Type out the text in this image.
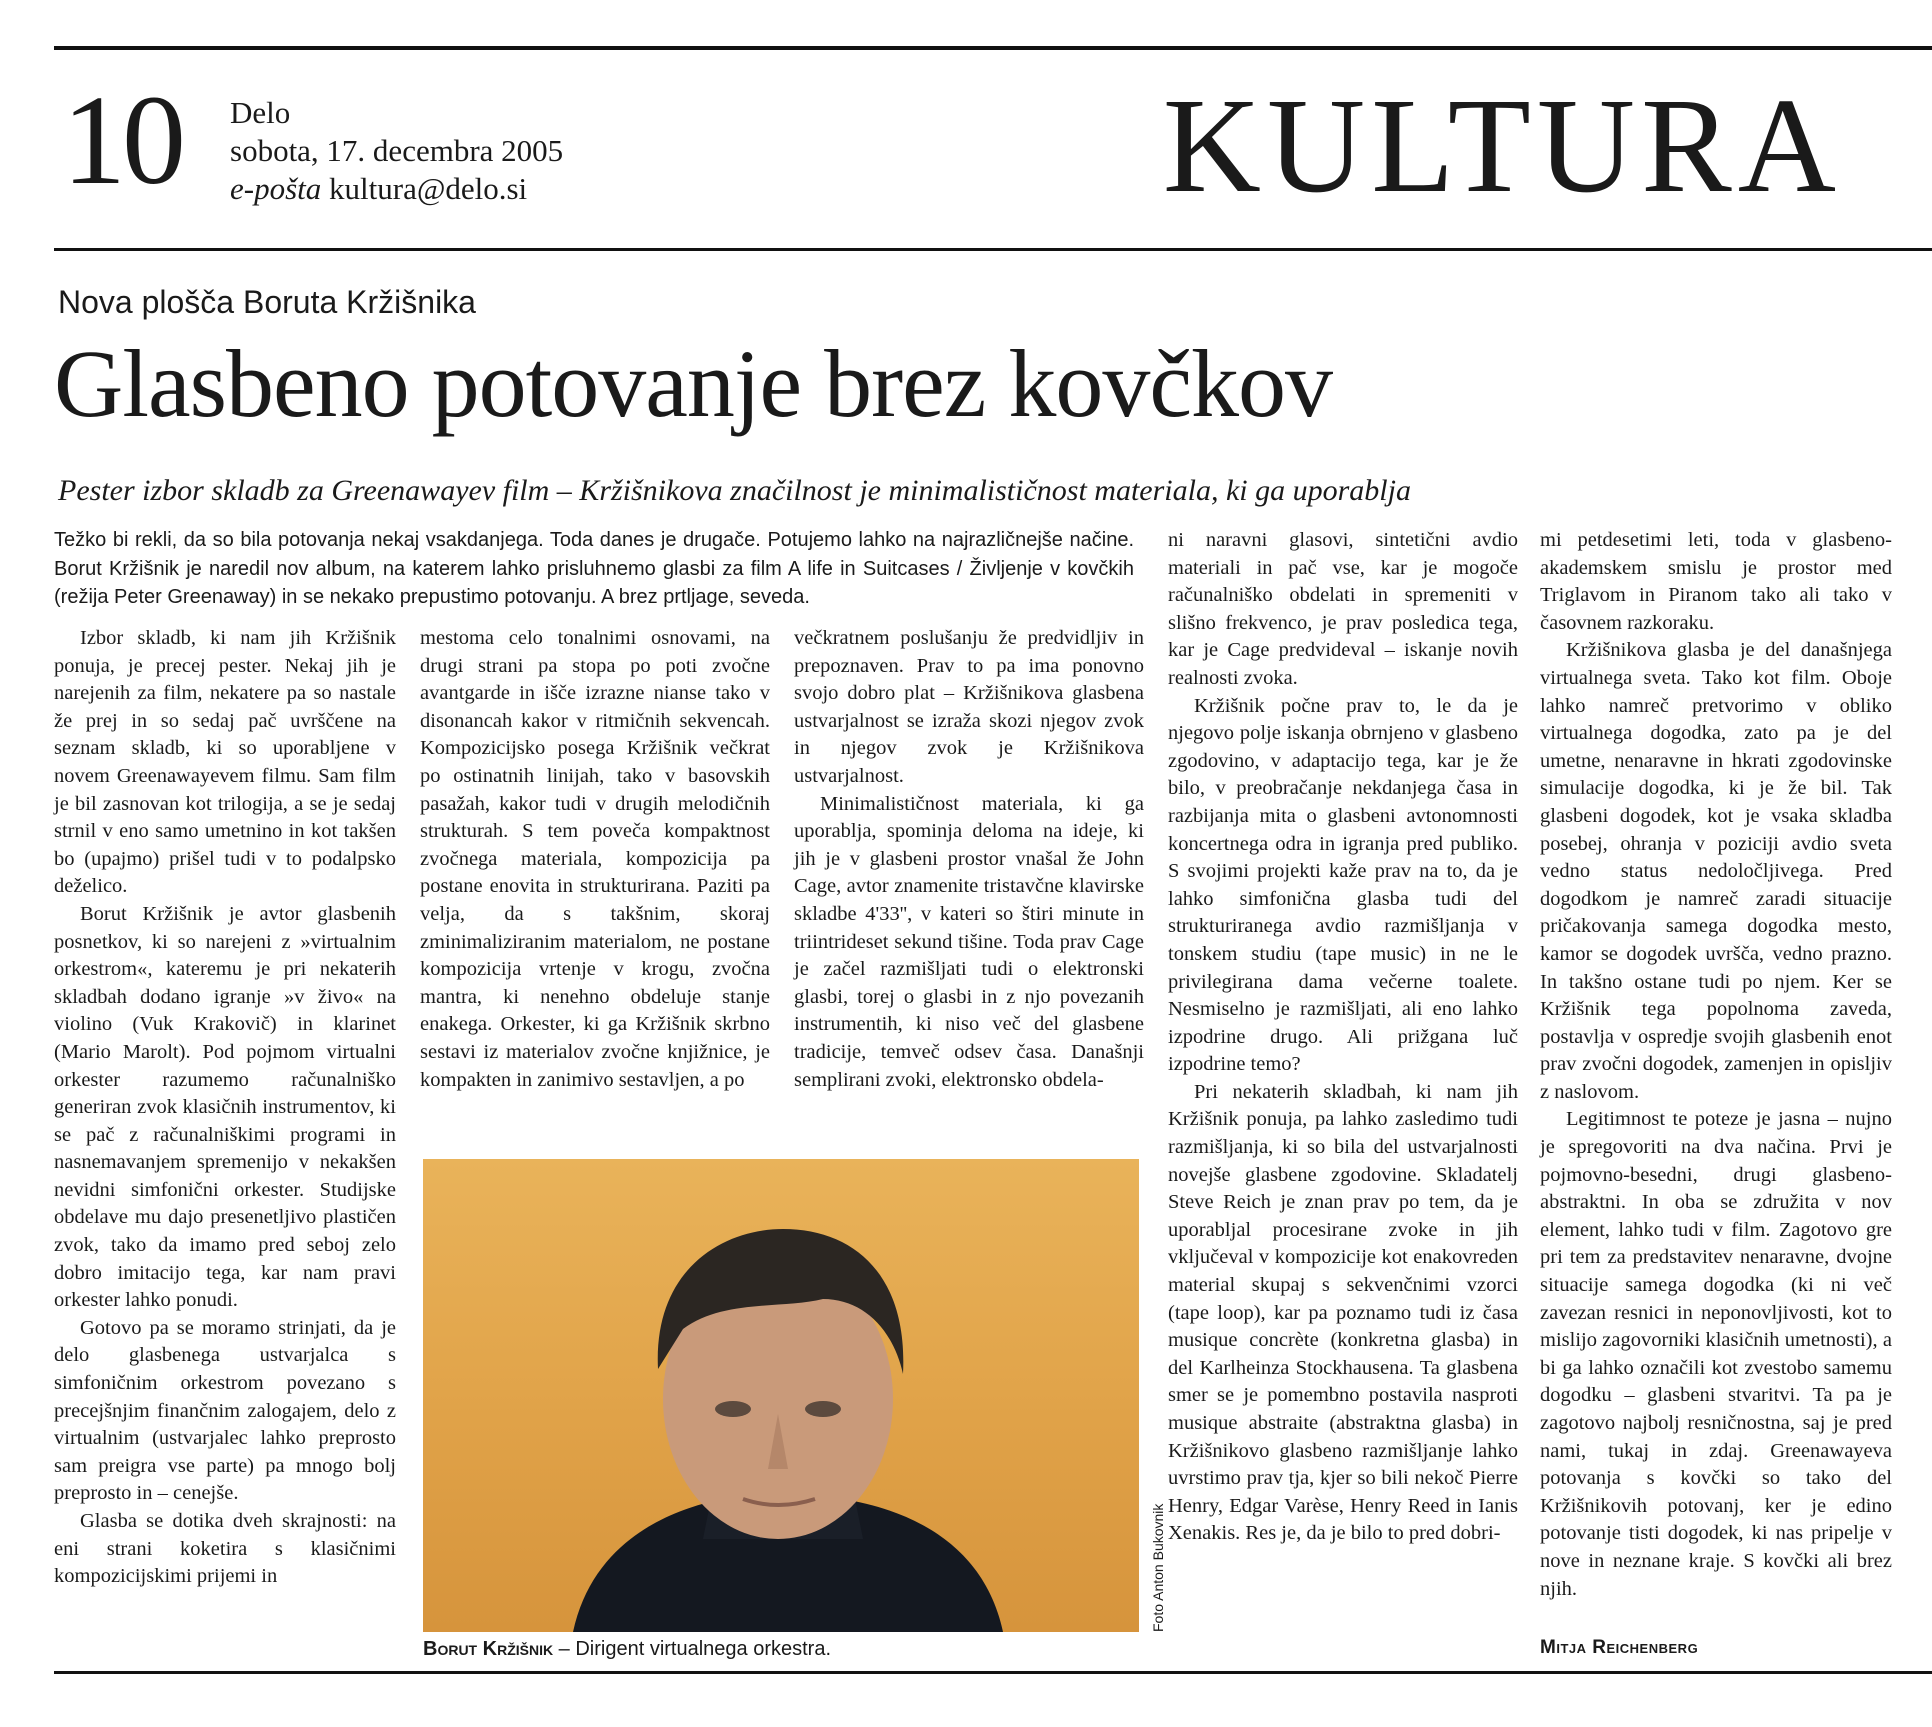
10 Delo
sobota, 17. decembra 2005
e-pošta kultura@delo.si	KULTURA
Nova plošča Boruta Kržišnika
Glasbeno potovanje brez kovčkov
Pester izbor skladb za Greenawayev film – Kržišnikova značilnost je minimalističnost materiala, ki ga uporablja
Težko bi rekli, da so bila potovanja nekaj vsakdanjega. Toda danes je drugače. Potujemo lahko na najrazličnejše načine. Borut Kržišnik je naredil nov album, na katerem lahko prisluhnemo glasbi za film A life in Suitcases / Življenje v kovčkih (režija Peter Greenaway) in se nekako prepustimo potovanju. A brez prtljage, seveda.

Izbor skladb, ki nam jih Kržišnik ponuja, je precej pester. Nekaj jih je narejenih za film, nekatere pa so nastale že prej in so sedaj pač uvrščene na seznam skladb, ki so uporabljene v novem Greenawayevem filmu. Sam film je bil zasnovan kot trilogija, a se je sedaj strnil v eno samo umetnino in kot takšen bo (upajmo) prišel tudi v to podalpsko deželico.

Borut Kržišnik je avtor glasbenih posnetkov, ki so narejeni z »virtualnim orkestrom«, kateremu je pri nekaterih skladbah dodano igranje »v živo« na violino (Vuk Krakovič) in klarinet (Mario Marolt). Pod pojmom virtualni orkester razumemo računalniško generiran zvok klasičnih instrumentov, ki se pač z računalniškimi programi in nasnemavanjem spremenijo v nekakšen nevidni simfonični orkester. Studijske obdelave mu dajo presenetljivo plastičen zvok, tako da imamo pred seboj zelo dobro imitacijo tega, kar nam pravi orkester lahko ponudi.

Gotovo pa se moramo strinjati, da je delo glasbenega ustvarjalca s simfoničnim orkestrom povezano s precejšnjim finančnim zalogajem, delo z virtualnim (ustvarjalec lahko preprosto sam preigra vse parte) pa mnogo bolj preprosto in – cenejše.

Glasba se dotika dveh skrajnosti: na eni strani koketira s klasičnimi kompozicijskimi prijemi in

mestoma celo tonalnimi osnovami, na drugi strani pa stopa po poti zvočne avantgarde in išče izrazne nianse tako v disonancah kakor v ritmičnih sekvencah. Kompozicijsko posega Kržišnik večkrat po ostinatnih linijah, tako v basovskih pasažah, kakor tudi v drugih melodičnih strukturah. S tem poveča kompaktnost zvočnega materiala, kompozicija pa postane enovita in strukturirana. Paziti pa velja, da s takšnim, skoraj zminimaliziranim materialom, ne postane kompozicija vrtenje v krogu, zvočna mantra, ki nenehno obdeluje stanje enakega. Orkester, ki ga Kržišnik skrbno sestavi iz materialov zvočne knjižnice, je kompakten in zanimivo sestavljen, a po

večkratnem poslušanju že predvidljiv in prepoznaven. Prav to pa ima ponovno svojo dobro plat – Kržišnikova glasbena ustvarjalnost se izraža skozi njegov zvok in njegov zvok je Kržišnikova ustvarjalnost.

Minimalističnost materiala, ki ga uporablja, spominja deloma na ideje, ki jih je v glasbeni prostor vnašal že John Cage, avtor znamenite tristavčne klavirske skladbe 4'33'', v kateri so štiri minute in triintrideset sekund tišine. Toda prav Cage je začel razmišljati tudi o elektronski glasbi, torej o glasbi in z njo povezanih instrumentih, ki niso več del glasbene tradicije, temveč odsev časa. Današnji semplirani zvoki, elektronsko obdela-

ni naravni glasovi, sintetični avdio materiali in pač vse, kar je mogoče računalniško obdelati in spremeniti v slišno frekvenco, je prav posledica tega, kar je Cage predvideval – iskanje novih realnosti zvoka.

Kržišnik počne prav to, le da je njegovo polje iskanja obrnjeno v glasbeno zgodovino, v adaptacijo tega, kar je že bilo, v preobračanje nekdanjega časa in razbijanja mita o glasbeni avtonomnosti koncertnega odra in igranja pred publiko. S svojimi projekti kaže prav na to, da je lahko simfonična glasba tudi del strukturiranega avdio razmišljanja v tonskem studiu (tape music) in ne le privilegirana dama večerne toalete. Nesmiselno je razmišljati, ali eno lahko izpodrine drugo. Ali prižgana luč izpodrine temo?

Pri nekaterih skladbah, ki nam jih Kržišnik ponuja, pa lahko zasledimo tudi razmišljanja, ki so bila del ustvarjalnosti novejše glasbene zgodovine. Skladatelj Steve Reich je znan prav po tem, da je uporabljal procesirane zvoke in jih vključeval v kompozicije kot enakovreden material skupaj s sekvenčnimi vzorci (tape loop), kar pa poznamo tudi iz časa musique concrète (konkretna glasba) in del Karlheinza Stockhausena. Ta glasbena smer se je pomembno postavila nasproti musique abstraite (abstraktna glasba) in Kržišnikovo glasbeno razmišljanje lahko uvrstimo prav tja, kjer so bili nekoč Pierre Henry, Edgar Varèse, Henry Reed in Ianis Xenakis. Res je, da je bilo to pred dobri-

mi petdesetimi leti, toda v glasbeno-akademskem smislu je prostor med Triglavom in Piranom tako ali tako v časovnem razkoraku.

Kržišnikova glasba je del današnjega virtualnega sveta. Tako kot film. Oboje lahko namreč pretvorimo v obliko virtualnega dogodka, zato pa je del umetne, nenaravne in hkrati zgodovinske simulacije dogodka, ki je že bil. Tak glasbeni dogodek, kot je vsaka skladba posebej, ohranja v poziciji avdio sveta vedno status nedoločljivega. Pred dogodkom je namreč zaradi situacije pričakovanja samega dogodka mesto, kamor se dogodek uvršča, vedno prazno. In takšno ostane tudi po njem. Ker se Kržišnik tega popolnoma zaveda, postavlja v ospredje svojih glasbenih enot prav zvočni dogodek, zamenjen in opisljiv z naslovom.

Legitimnost te poteze je jasna – nujno je spregovoriti na dva načina. Prvi je pojmovno-besedni, drugi glasbeno-abstraktni. In oba se združita v nov element, lahko tudi v film. Zagotovo gre pri tem za predstavitev nenaravne, dvojne situacije samega dogodka (ki ni več zavezan resnici in neponovljivosti, kot to mislijo zagovorniki klasičnih umetnosti), a bi ga lahko označili kot zvestobo samemu dogodku – glasbeni stvaritvi. Ta pa je zagotovo najbolj resničnostna, saj je pred nami, tukaj in zdaj. Greenawayeva potovanja s kovčki so tako del Kržišnikovih potovanj, ker je edino potovanje tisti dogodek, ki nas pripelje v nove in neznane kraje. S kovčki ali brez njih.

Foto Anton Bukovnik
Borut Kržišnik – Dirigent virtualnega orkestra.	Mitja Reichenberg
